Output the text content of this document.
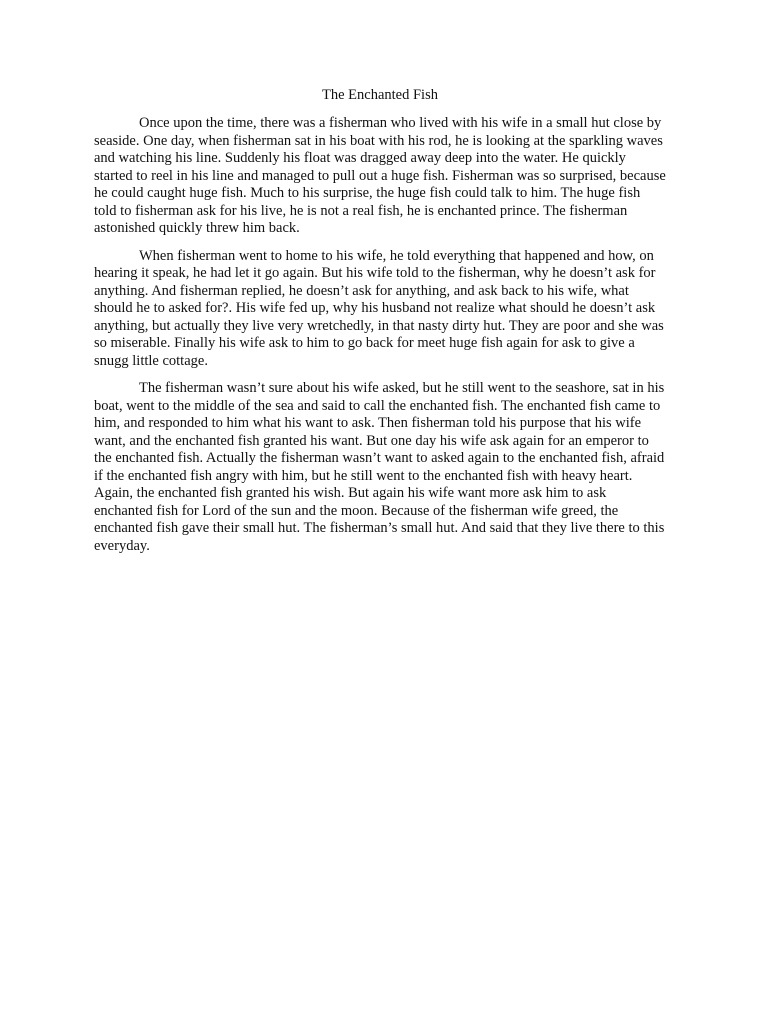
The Enchanted Fish

Once upon the time, there was a fisherman who lived with his wife in a small hut close by seaside. One day, when fisherman sat in his boat with his rod, he is looking at the sparkling waves and watching his line. Suddenly his float was dragged away deep into the water. He quickly started to reel in his line and managed to pull out a huge fish. Fisherman was so surprised, because he could caught huge fish. Much to his surprise, the huge fish could talk to him. The huge fish told to fisherman ask for his live, he is not a real fish, he is enchanted prince. The fisherman astonished quickly threw him back.

When fisherman went to home to his wife, he told everything that happened and how, on hearing it speak, he had let it go again. But his wife told to the fisherman, why he doesn’t ask for anything. And fisherman replied, he doesn’t ask for anything, and ask back to his wife, what should he to asked for?. His wife fed up, why his husband not realize what should he doesn’t ask anything, but actually they live very wretchedly, in that nasty dirty hut. They are poor and she was so miserable. Finally his wife ask to him to go back for meet huge fish again for ask to give a snugg little cottage.

The fisherman wasn’t sure about his wife asked, but he still went to the seashore, sat in his boat, went to the middle of the sea and said to call the enchanted fish. The enchanted fish came to him, and responded to him what his want to ask. Then fisherman told his purpose that his wife want, and the enchanted fish granted his want. But one day his wife ask again for an emperor to the enchanted fish. Actually the fisherman wasn’t want to asked again to the enchanted fish, afraid if the enchanted fish angry with him, but he still went to the enchanted fish with heavy heart. Again, the enchanted fish granted his wish. But again his wife want more ask him to ask enchanted fish for Lord of the sun and the moon. Because of the fisherman wife greed, the enchanted fish gave their small hut. The fisherman’s small hut. And said that they live there to this everyday.
